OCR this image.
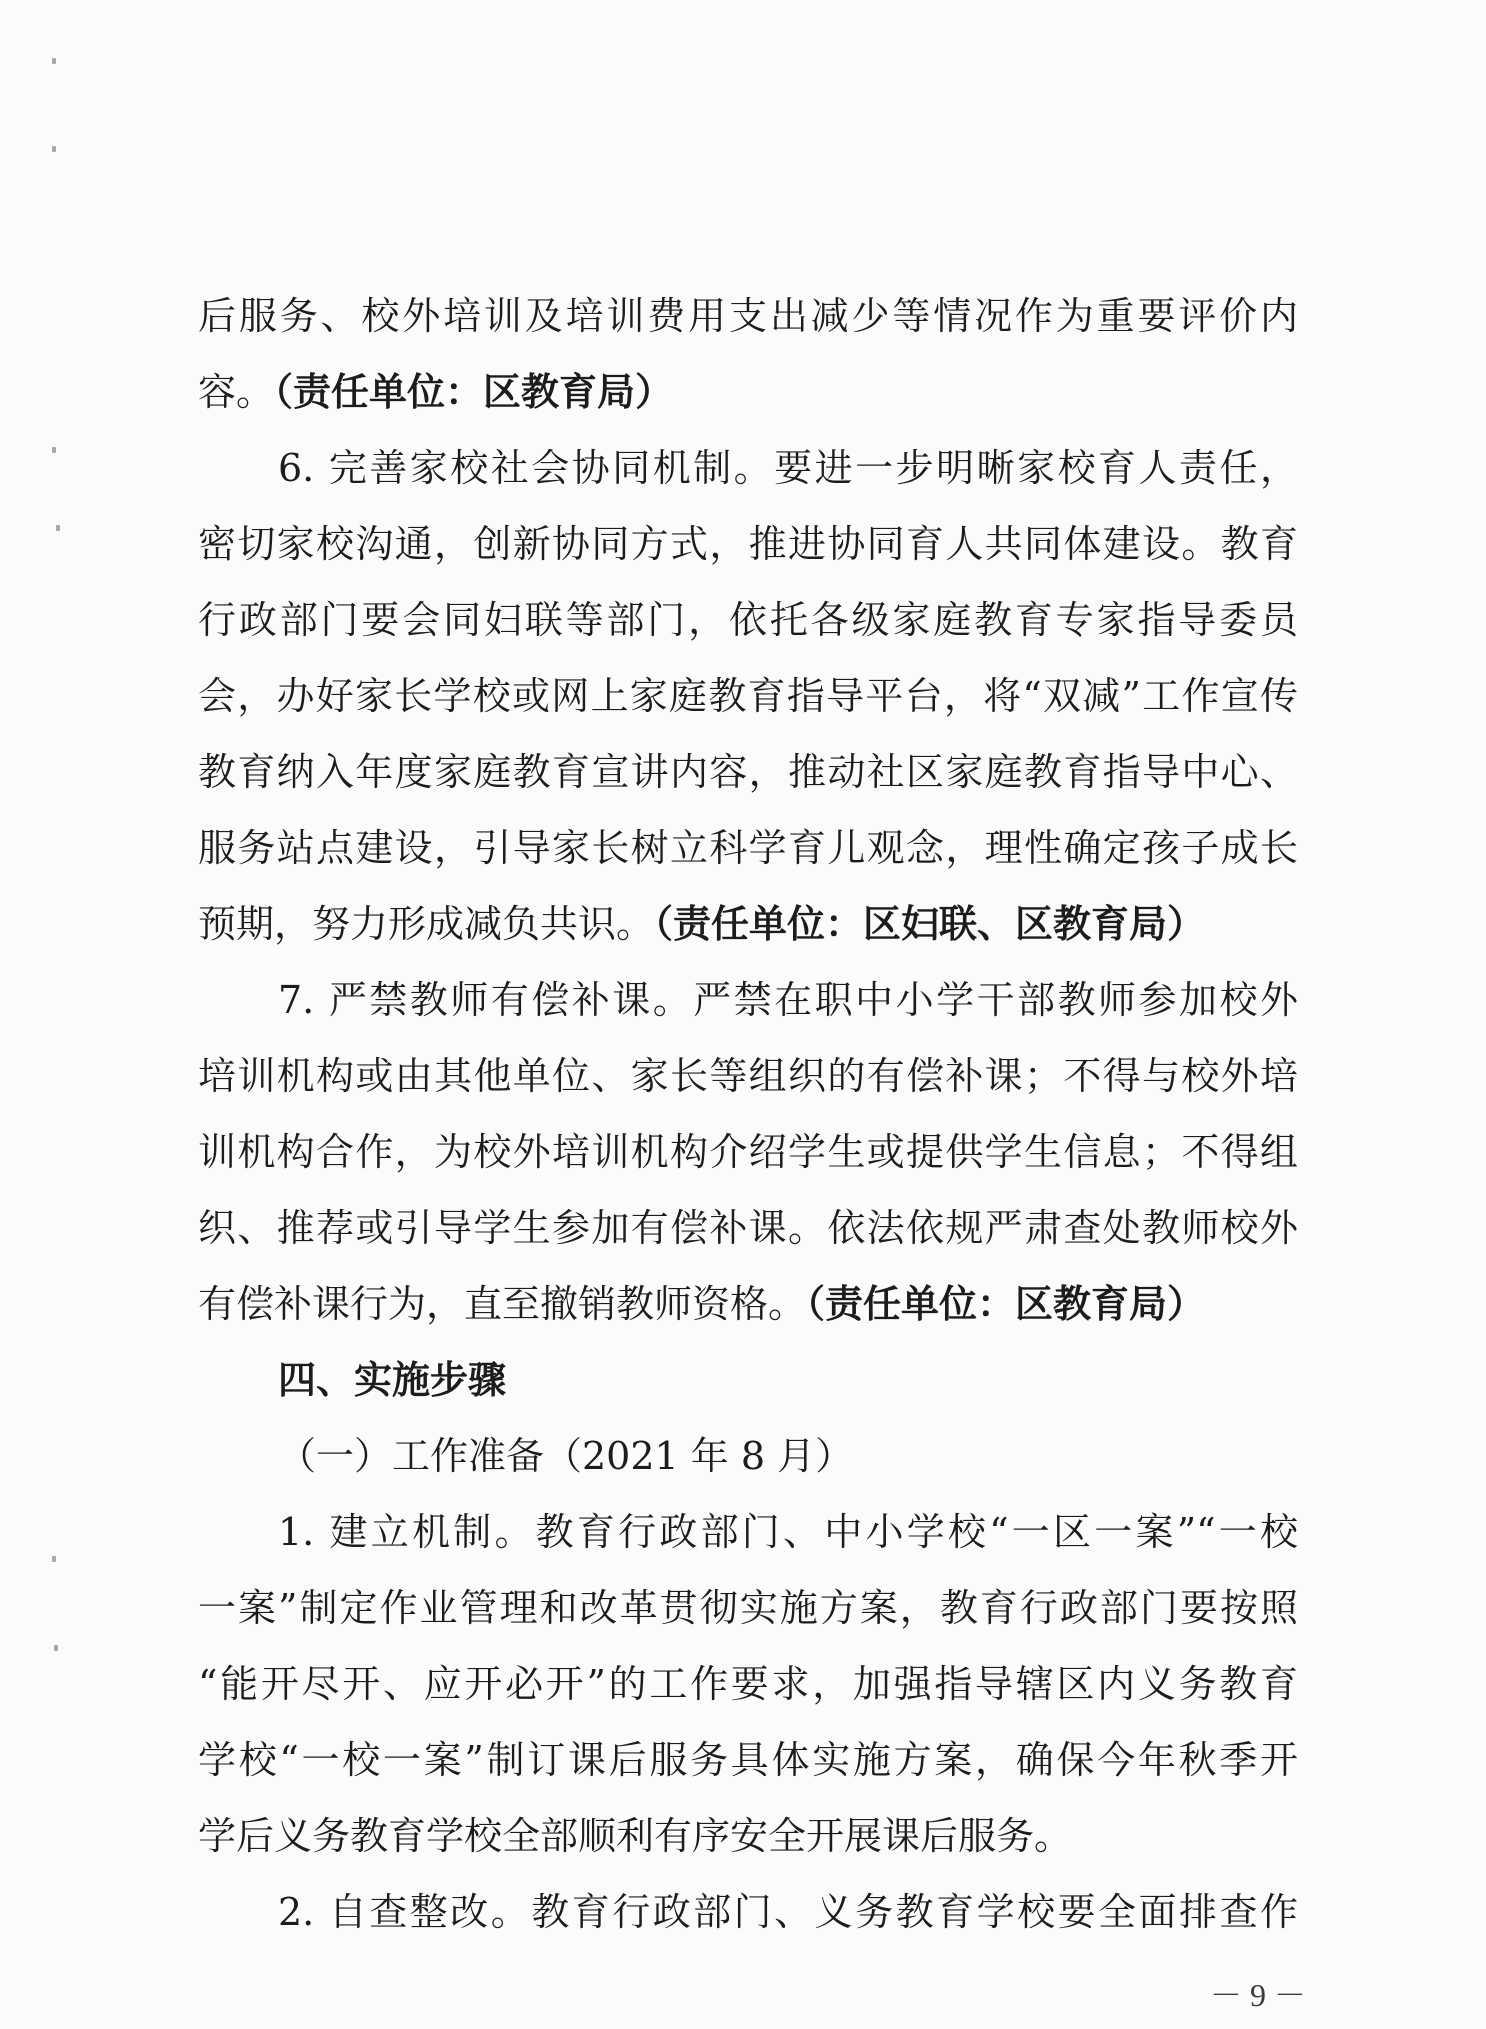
后服务、校外培训及培训费用支出减少等情况作为重要评价内
容。（责任单位：区教育局）
6. 完善家校社会协同机制。要进一步明晰家校育人责任，
密切家校沟通，创新协同方式，推进协同育人共同体建设。教育
行政部门要会同妇联等部门，依托各级家庭教育专家指导委员
会，办好家长学校或网上家庭教育指导平台，将“双减”工作宣传
教育纳入年度家庭教育宣讲内容，推动社区家庭教育指导中心、
服务站点建设，引导家长树立科学育儿观念，理性确定孩子成长
预期，努力形成减负共识。（责任单位：区妇联、区教育局）
7. 严禁教师有偿补课。严禁在职中小学干部教师参加校外
培训机构或由其他单位、家长等组织的有偿补课；不得与校外培
训机构合作，为校外培训机构介绍学生或提供学生信息；不得组
织、推荐或引导学生参加有偿补课。依法依规严肃查处教师校外
有偿补课行为，直至撤销教师资格。（责任单位：区教育局）
四、实施步骤
（一）工作准备（2021 年 8 月）
1. 建立机制。教育行政部门、中小学校“一区一案”“一校
一案”制定作业管理和改革贯彻实施方案，教育行政部门要按照
“能开尽开、应开必开”的工作要求，加强指导辖区内义务教育
学校“一校一案”制订课后服务具体实施方案，确保今年秋季开
学后义务教育学校全部顺利有序安全开展课后服务。
2. 自查整改。教育行政部门、义务教育学校要全面排查作
－ 9 －
